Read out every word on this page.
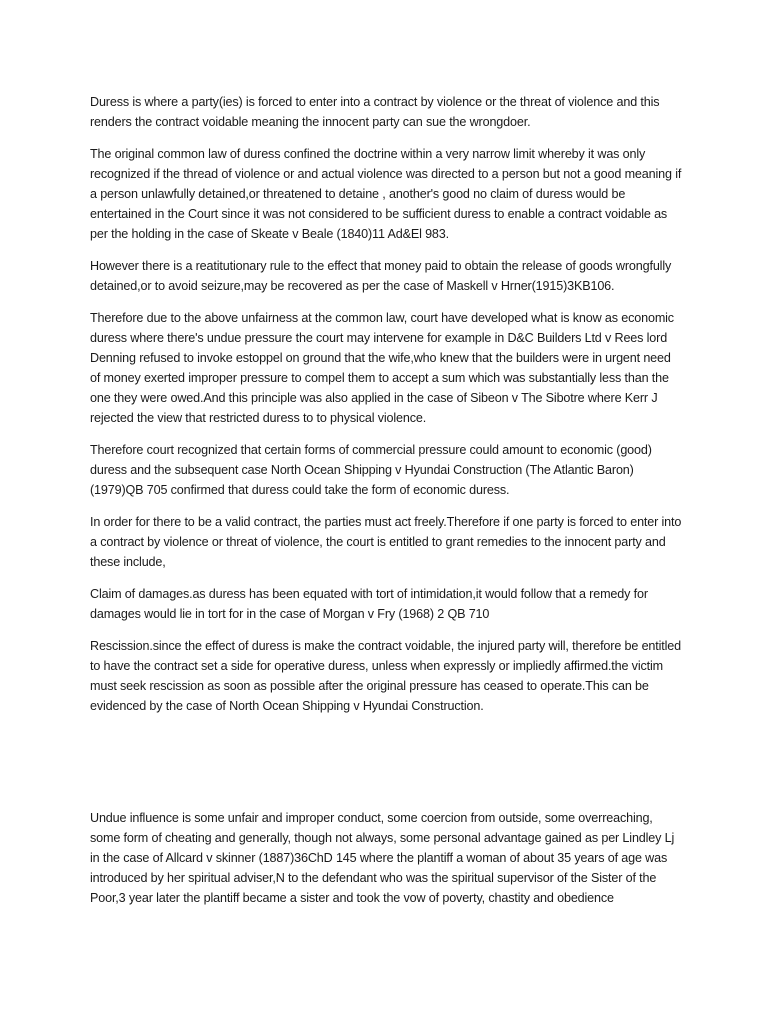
Duress is where a party(ies) is forced to enter into a contract by violence or the threat of violence and this renders the contract voidable meaning the innocent party can sue the wrongdoer.

The original common law of duress confined the doctrine within a very narrow limit whereby it was only recognized if the thread of violence or and actual violence was directed to a person but not a good meaning if a person unlawfully detained,or threatened to detaine , another's good no claim of duress would be entertained in the Court since it was not considered to be sufficient duress to enable a contract voidable as per the holding in the case of Skeate v Beale (1840)11 Ad&El 983.

However there is a reatitutionary rule to the effect that money paid to obtain the release of goods wrongfully detained,or to avoid seizure,may be recovered as per the case of Maskell v Hrner(1915)3KB106.

Therefore due to the above unfairness at the common law, court have developed what is know as economic duress where there's undue pressure the court may intervene for example in D&C Builders Ltd v Rees lord Denning refused to invoke estoppel on ground that the wife,who knew that the builders were in urgent need of money exerted improper pressure to compel them to accept a sum which was substantially less than the one they were owed.And this principle was also applied in the case of Sibeon v The Sibotre where Kerr J rejected the view that restricted duress to to physical violence.

Therefore court recognized that certain forms of commercial pressure could amount to economic (good) duress and the subsequent case North Ocean Shipping v Hyundai Construction (The Atlantic Baron) (1979)QB 705 confirmed that duress could take the form of economic duress.

In order for there to be a valid contract, the parties must act freely.Therefore if one party is forced to enter into a contract by violence or threat of violence, the court is entitled to grant remedies to the innocent party and these include,

Claim of damages.as duress has been equated with tort of intimidation,it would follow that a remedy for damages would lie in tort for in the case of Morgan v Fry (1968) 2 QB 710

Rescission.since the effect of duress is make the contract voidable, the injured party will, therefore be entitled to have the contract set a side for operative duress, unless when expressly or impliedly affirmed.the victim must seek rescission as soon as possible after the original pressure has ceased to operate.This can be evidenced by the case of North Ocean Shipping v Hyundai Construction.

Undue influence is some unfair and improper conduct, some coercion from outside, some overreaching, some form of cheating and generally, though not always, some personal advantage gained as per Lindley Lj in the case of Allcard v skinner (1887)36ChD 145 where the plantiff a woman of about 35 years of age was introduced by her spiritual adviser,N to the defendant who was the spiritual supervisor of the Sister of the Poor,3 year later the plantiff became a sister and took the vow of poverty, chastity and obedience
